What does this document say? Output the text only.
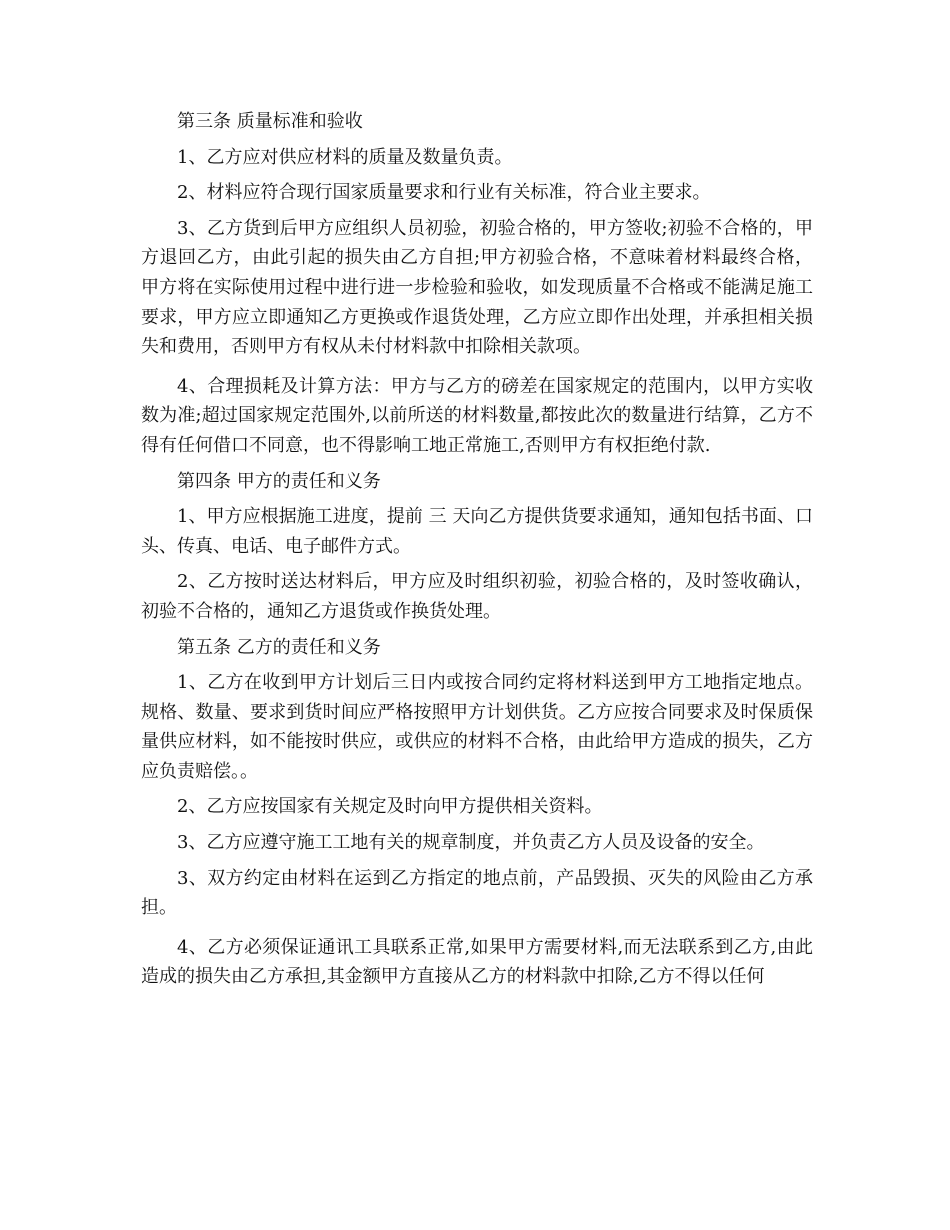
第三条 质量标准和验收

1、乙方应对供应材料的质量及数量负责。

2、材料应符合现行国家质量要求和行业有关标准，符合业主要求。

3、乙方货到后甲方应组织人员初验，初验合格的，甲方签收;初验不合格的，甲方退回乙方，由此引起的损失由乙方自担;甲方初验合格，不意味着材料最终合格，甲方将在实际使用过程中进行进一步检验和验收，如发现质量不合格或不能满足施工要求，甲方应立即通知乙方更换或作退货处理，乙方应立即作出处理，并承担相关损失和费用，否则甲方有权从未付材料款中扣除相关款项。

4、合理损耗及计算方法：甲方与乙方的磅差在国家规定的范围内，以甲方实收数为准;超过国家规定范围外,以前所送的材料数量,都按此次的数量进行结算，乙方不得有任何借口不同意，也不得影响工地正常施工,否则甲方有权拒绝付款.

第四条 甲方的责任和义务

1、甲方应根据施工进度，提前 三 天向乙方提供货要求通知，通知包括书面、口头、传真、电话、电子邮件方式。

2、乙方按时送达材料后，甲方应及时组织初验，初验合格的，及时签收确认，初验不合格的，通知乙方退货或作换货处理。

第五条 乙方的责任和义务

1、乙方在收到甲方计划后三日内或按合同约定将材料送到甲方工地指定地点。规格、数量、要求到货时间应严格按照甲方计划供货。乙方应按合同要求及时保质保量供应材料，如不能按时供应，或供应的材料不合格，由此给甲方造成的损失，乙方应负责赔偿。。

2、乙方应按国家有关规定及时向甲方提供相关资料。

3、乙方应遵守施工工地有关的规章制度，并负责乙方人员及设备的安全。

3、双方约定由材料在运到乙方指定的地点前，产品毁损、灭失的风险由乙方承担。

4、乙方必须保证通讯工具联系正常,如果甲方需要材料,而无法联系到乙方,由此造成的损失由乙方承担,其金额甲方直接从乙方的材料款中扣除,乙方不得以任何
